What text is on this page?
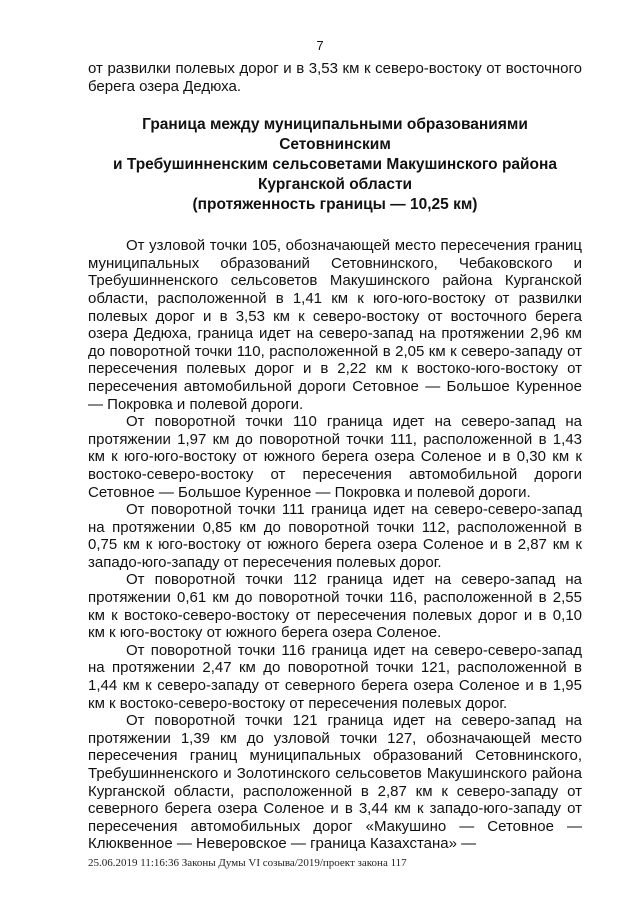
7

от развилки полевых дорог и в 3,53 км к северо-востоку от восточного берега озера Дедюха.

Граница между муниципальными образованиями Сетовнинским
и Требушинненским сельсоветами Макушинского района
Курганской области
(протяженность границы — 10,25 км)

От узловой точки 105, обозначающей место пересечения границ муниципальных образований Сетовнинского, Чебаковского и Требушинненского сельсоветов Макушинского района Курганской области, расположенной в 1,41 км к юго-юго-востоку от развилки полевых дорог и в 3,53 км к северо-востоку от восточного берега озера Дедюха, граница идет на северо-запад на протяжении 2,96 км до поворотной точки 110, расположенной в 2,05 км к северо-западу от пересечения полевых дорог и в 2,22 км к востоко-юго-востоку от пересечения автомобильной дороги Сетовное — Большое Куренное — Покровка и полевой дороги.

От поворотной точки 110 граница идет на северо-запад на протяжении 1,97 км до поворотной точки 111, расположенной в 1,43 км к юго-юго-востоку от южного берега озера Соленое и в 0,30 км к востоко-северо-востоку от пересечения автомобильной дороги Сетовное — Большое Куренное — Покровка и полевой дороги.

От поворотной точки 111 граница идет на северо-северо-запад на протяжении 0,85 км до поворотной точки 112, расположенной в 0,75 км к юго-востоку от южного берега озера Соленое и в 2,87 км к западо-юго-западу от пересечения полевых дорог.

От поворотной точки 112 граница идет на северо-запад на протяжении 0,61 км до поворотной точки 116, расположенной в 2,55 км к востоко-северо-востоку от пересечения полевых дорог и в 0,10 км к юго-востоку от южного берега озера Соленое.

От поворотной точки 116 граница идет на северо-северо-запад на протяжении 2,47 км до поворотной точки 121, расположенной в 1,44 км к северо-западу от северного берега озера Соленое и в 1,95 км к востоко-северо-востоку от пересечения полевых дорог.

От поворотной точки 121 граница идет на северо-запад на протяжении 1,39 км до узловой точки 127, обозначающей место пересечения границ муниципальных образований Сетовнинского, Требушинненского и Золотинского сельсоветов Макушинского района Курганской области, расположенной в 2,87 км к северо-западу от северного берега озера Соленое и в 3,44 км к западо-юго-западу от пересечения автомобильных дорог «Макушино — Сетовное — Клюквенное — Неверовское — граница Казахстана» —

25.06.2019 11:16:36 Законы Думы VI созыва/2019/проект закона 117
